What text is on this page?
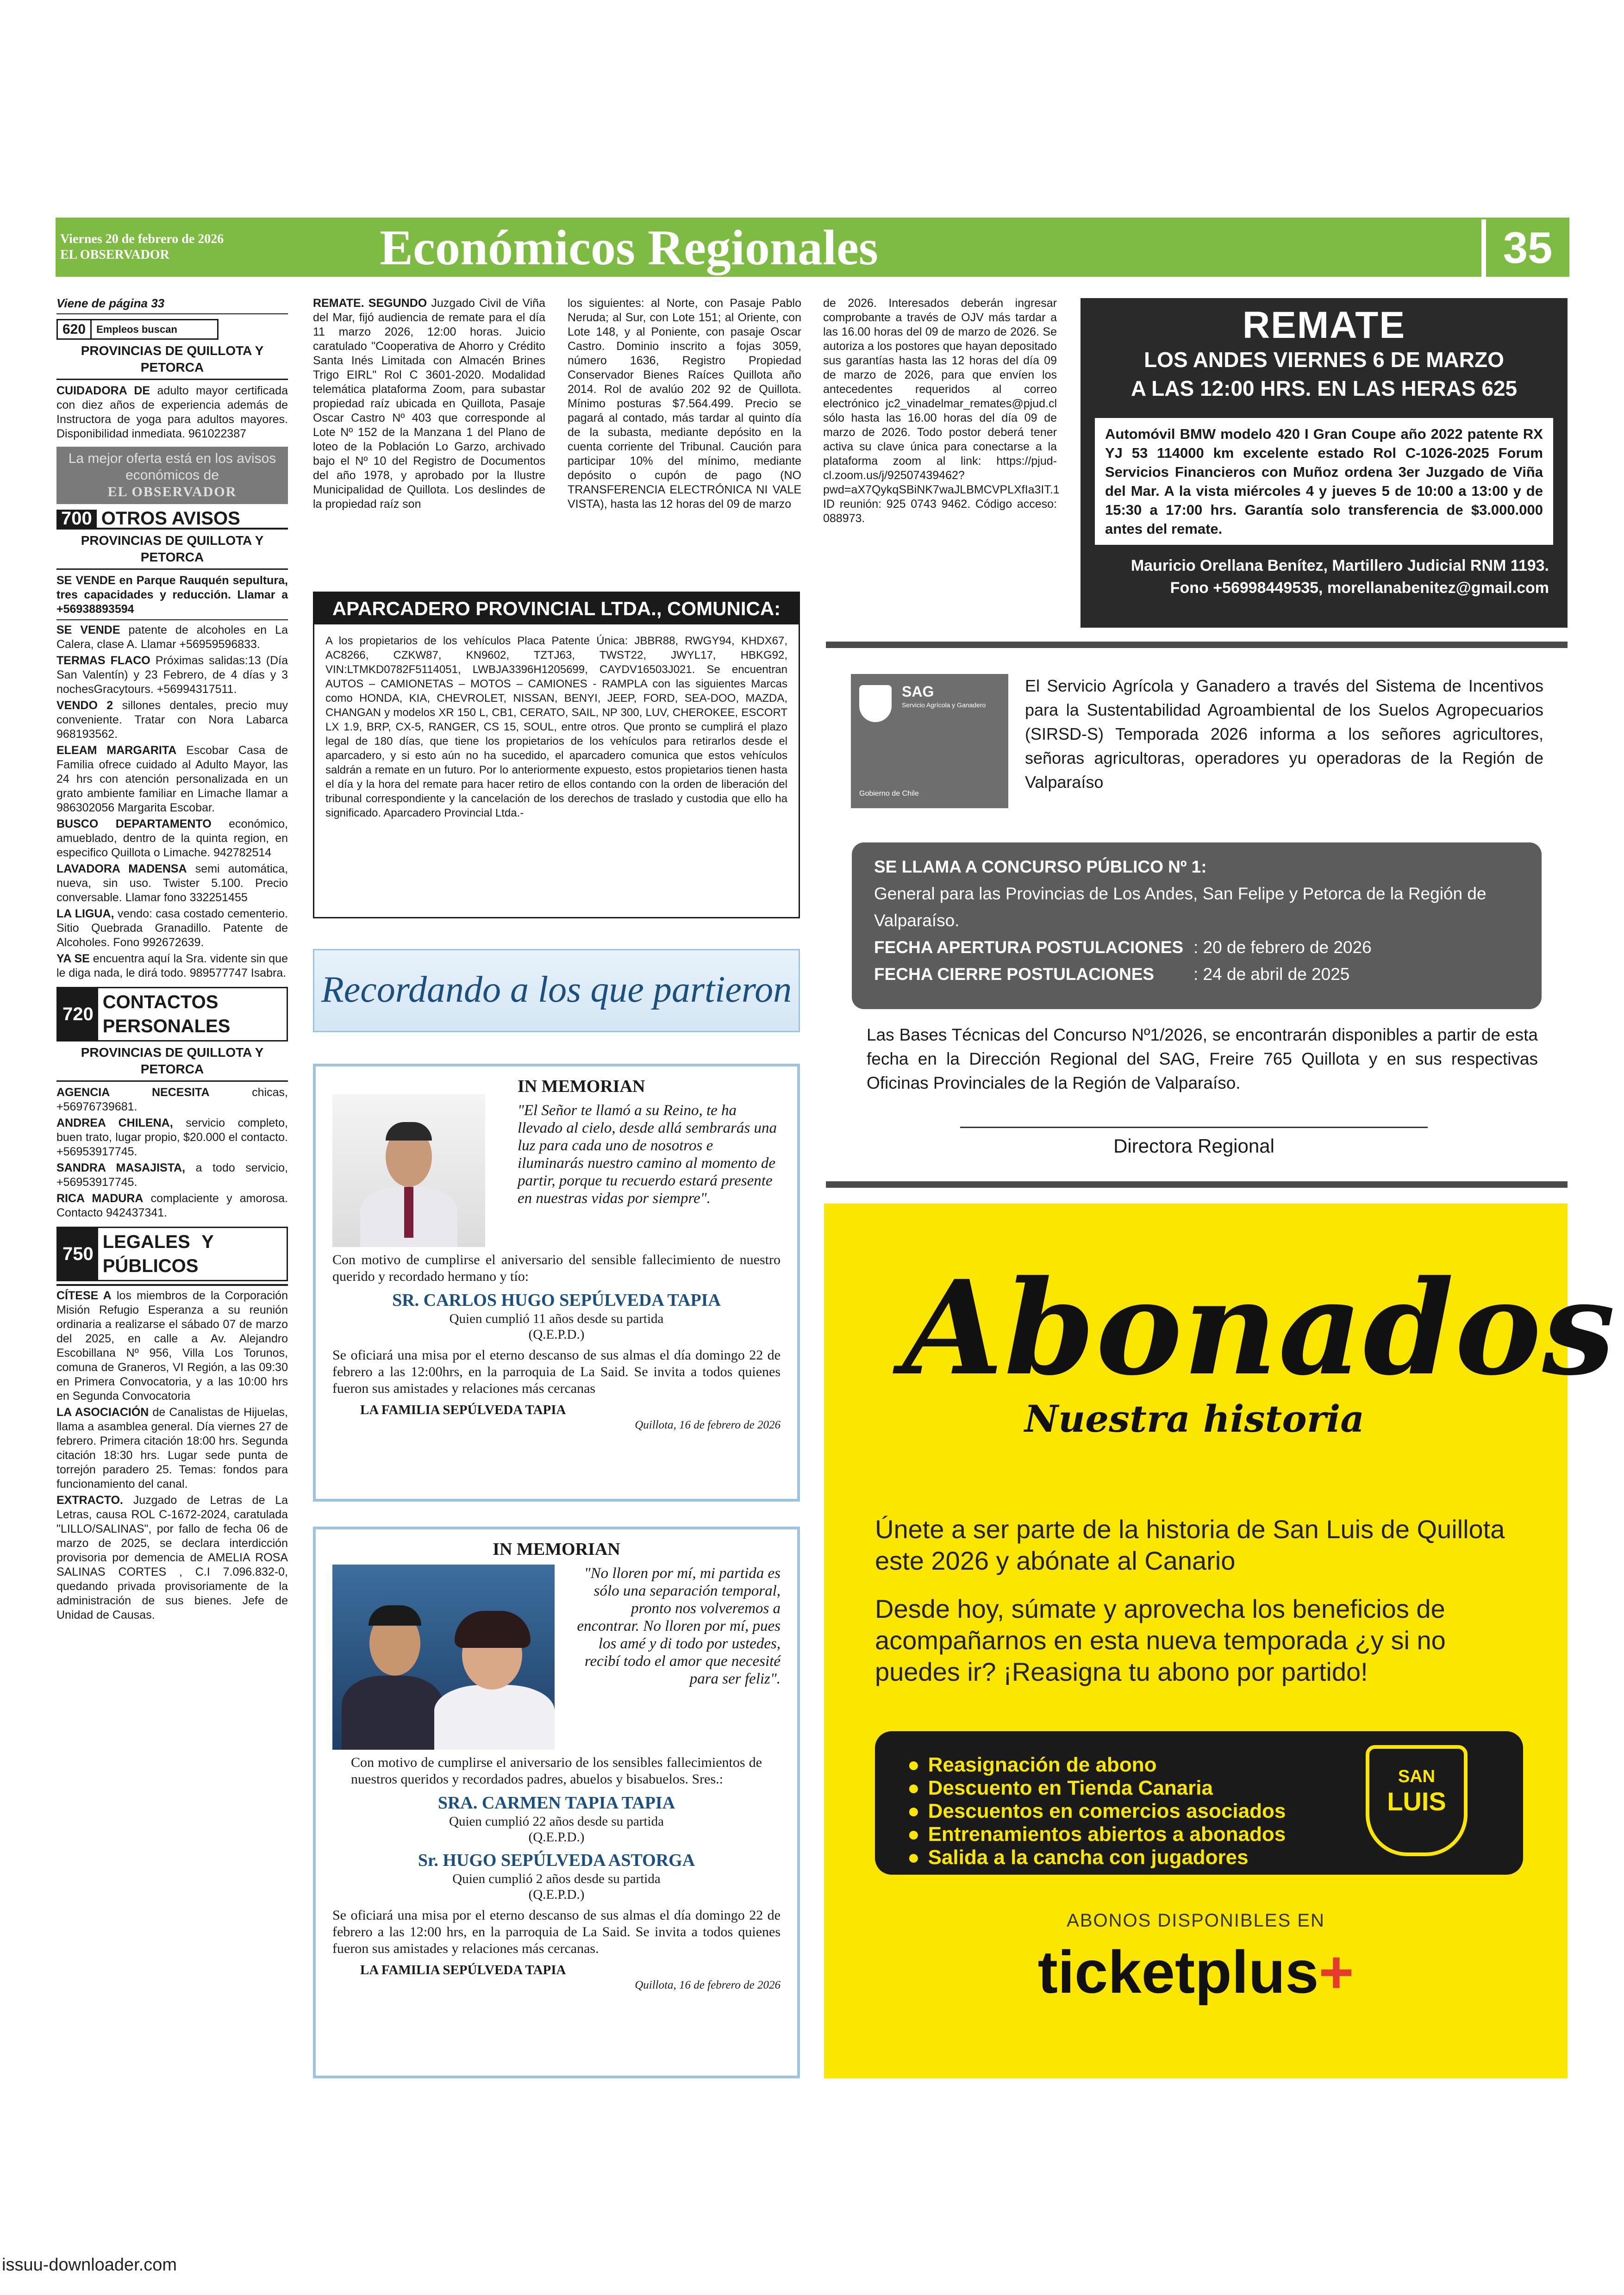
Viernes 20 de febrero de 2026
EL OBSERVADOR	Económicos Regionales	35
Viene de página 33
620	Empleos buscan
PROVINCIAS DE QUILLOTA Y PETORCA

CUIDADORA DE adulto mayor certificada con diez años de experiencia además de Instructora de yoga para adultos mayores. Disponibilidad inmediata. 961022387

La mejor oferta está en los avisos económicos de
EL OBSERVADOR
700 OTROS AVISOS
PROVINCIAS DE QUILLOTA Y PETORCA

SE VENDE en Parque Rauquén sepultura, tres capacidades y reducción. Llamar a +56938893594

SE VENDE patente de alcoholes en La Calera, clase A. Llamar +56959596833.

TERMAS FLACO Próximas salidas:13 (Día San Valentín) y 23 Febrero, de 4 días y 3 nochesGracytours. +56994317511.

VENDO 2 sillones dentales, precio muy conveniente. Tratar con Nora Labarca 968193562.

ELEAM MARGARITA Escobar Casa de Familia ofrece cuidado al Adulto Mayor, las 24 hrs con atención personalizada en un grato ambiente familiar en Limache llamar a 986302056 Margarita Escobar.

BUSCO DEPARTAMENTO económico, amueblado, dentro de la quinta region, en especifico Quillota o Limache. 942782514

LAVADORA MADENSA semi automática, nueva, sin uso. Twister 5.100. Precio conversable. Llamar fono 332251455

LA LIGUA, vendo: casa costado cementerio. Sitio Quebrada Granadillo. Patente de Alcoholes. Fono 992672639.

YA SE encuentra aquí la Sra. vidente sin que le diga nada, le dirá todo. 989577747 Isabra.

720
CONTACTOS PERSONALES
PROVINCIAS DE QUILLOTA Y PETORCA

AGENCIA NECESITA chicas, +56976739681.

ANDREA CHILENA, servicio completo, buen trato, lugar propio, $20.000 el contacto. +56953917745.

SANDRA MASAJISTA, a todo servicio, +56953917745.

RICA MADURA complaciente y amorosa. Contacto 942437341.

750
LEGALES Y PÚBLICOS

CÍTESE A los miembros de la Corporación Misión Refugio Esperanza a su reunión ordinaria a realizarse el sábado 07 de marzo del 2025, en calle a Av. Alejandro Escobillana Nº 956, Villa Los Torunos, comuna de Graneros, VI Región, a las 09:30 en Primera Convocatoria, y a las 10:00 hrs en Segunda Convocatoria

LA ASOCIACIÓN de Canalistas de Hijuelas, llama a asamblea general. Día viernes 27 de febrero. Primera citación 18:00 hrs. Segunda citación 18:30 hrs. Lugar sede punta de torrejón paradero 25. Temas: fondos para funcionamiento del canal.

EXTRACTO. Juzgado de Letras de La Letras, causa ROL C-1672-2024, caratulada "LILLO/SALINAS", por fallo de fecha 06 de marzo de 2025, se declara interdicción provisoria por demencia de AMELIA ROSA SALINAS CORTES , C.I 7.096.832-0, quedando privada provisoriamente de la administración de sus bienes. Jefe de Unidad de Causas.

REMATE. SEGUNDO Juzgado Civil de Viña del Mar, fijó audiencia de remate para el día 11 marzo 2026, 12:00 horas. Juicio caratulado "Cooperativa de Ahorro y Crédito Santa Inés Limitada con Almacén Brines Trigo EIRL" Rol C 3601-2020. Modalidad telemática plataforma Zoom, para subastar propiedad raíz ubicada en Quillota, Pasaje Oscar Castro Nº 403 que corresponde al Lote Nº 152 de la Manzana 1 del Plano de loteo de la Población Lo Garzo, archivado bajo el Nº 10 del Registro de Documentos del año 1978, y aprobado por la Ilustre Municipalidad de Quillota. Los deslindes de la propiedad raíz son

los siguientes: al Norte, con Pasaje Pablo Neruda; al Sur, con Lote 151; al Oriente, con Lote 148, y al Poniente, con pasaje Oscar Castro. Dominio inscrito a fojas 3059, número 1636, Registro Propiedad Conservador Bienes Raíces Quillota año 2014. Rol de avalúo 202 92 de Quillota. Mínimo posturas $7.564.499. Precio se pagará al contado, más tardar al quinto día de la subasta, mediante depósito en la cuenta corriente del Tribunal. Caución para participar 10% del mínimo, mediante depósito o cupón de pago (NO TRANSFERENCIA ELECTRÓNICA NI VALE VISTA), hasta las 12 horas del 09 de marzo

de 2026. Interesados deberán ingresar comprobante a través de OJV más tardar a las 16.00 horas del 09 de marzo de 2026. Se autoriza a los postores que hayan depositado sus garantías hasta las 12 horas del día 09 de marzo de 2026, para que envíen los antecedentes requeridos al correo electrónico jc2_vinadelmar_remates@pjud.cl sólo hasta las 16.00 horas del día 09 de marzo de 2026. Todo postor deberá tener activa su clave única para conectarse a la plataforma zoom al link: https://pjud-cl.zoom.us/j/92507439462?pwd=aX7QykqSBiNK7waJLBMCVPLXfIa3IT.1 ID reunión: 925 0743 9462. Código acceso: 088973.

APARCADERO PROVINCIAL LTDA., COMUNICA:
A los propietarios de los vehículos Placa Patente Única: JBBR88, RWGY94, KHDX67, AC8266, CZKW87, KN9602, TZTJ63, TWST22, JWYL17, HBKG92, VIN:LTMKD0782F5114051, LWBJA3396H1205699, CAYDV16503J021. Se encuentran AUTOS – CAMIONETAS – MOTOS – CAMIONES - RAMPLA con las siguientes Marcas como HONDA, KIA, CHEVROLET, NISSAN, BENYI, JEEP, FORD, SEA-DOO, MAZDA, CHANGAN y modelos XR 150 L, CB1, CERATO, SAIL, NP 300, LUV, CHEROKEE, ESCORT LX 1.9, BRP, CX-5, RANGER, CS 15, SOUL, entre otros. Que pronto se cumplirá el plazo legal de 180 días, que tiene los propietarios de los vehículos para retirarlos desde el aparcadero, y si esto aún no ha sucedido, el aparcadero comunica que estos vehículos saldrán a remate en un futuro. Por lo anteriormente expuesto, estos propietarios tienen hasta el día y la hora del remate para hacer retiro de ellos contando con la orden de liberación del tribunal correspondiente y la cancelación de los derechos de traslado y custodia que ello ha significado. Aparcadero Provincial Ltda.-
Recordando a los que partieron
IN MEMORIAN
"El Señor te llamó a su Reino, te ha llevado al cielo, desde allá sembrarás una luz para cada uno de nosotros e iluminarás nuestro camino al momento de partir, porque tu recuerdo estará presente en nuestras vidas por siempre".
Con motivo de cumplirse el aniversario del sensible fallecimiento de nuestro querido y recordado hermano y tío:
SR. CARLOS HUGO SEPÚLVEDA TAPIA
Quien cumplió 11 años desde su partida
(Q.E.P.D.)
Se oficiará una misa por el eterno descanso de sus almas el día domingo 22 de febrero a las 12:00hrs, en la parroquia de La Said. Se invita a todos quienes fueron sus amistades y relaciones más cercanas
LA FAMILIA SEPÚLVEDA TAPIA
Quillota, 16 de febrero de 2026
IN MEMORIAN
"No lloren por mí, mi partida es sólo una separación temporal, pronto nos volveremos a encontrar. No lloren por mí, pues los amé y di todo por ustedes, recibí todo el amor que necesité para ser feliz".
Con motivo de cumplirse el aniversario de los sensibles fallecimientos de nuestros queridos y recordados padres, abuelos y bisabuelos. Sres.:
SRA. CARMEN TAPIA TAPIA
Quien cumplió 22 años desde su partida
(Q.E.P.D.)
Sr. HUGO SEPÚLVEDA ASTORGA
Quien cumplió 2 años desde su partida
(Q.E.P.D.)
Se oficiará una misa por el eterno descanso de sus almas el día domingo 22 de febrero a las 12:00 hrs, en la parroquia de La Said. Se invita a todos quienes fueron sus amistades y relaciones más cercanas.
LA FAMILIA SEPÚLVEDA TAPIA
Quillota, 16 de febrero de 2026
REMATE
LOS ANDES VIERNES 6 DE MARZO
A LAS 12:00 HRS. EN LAS HERAS 625
Automóvil BMW modelo 420 I Gran Coupe año 2022 patente RX YJ 53 114000 km excelente estado Rol C-1026-2025 Forum Servicios Financieros con Muñoz ordena 3er Juzgado de Viña del Mar. A la vista miércoles 4 y jueves 5 de 10:00 a 13:00 y de 15:30 a 17:00 hrs. Garantía solo transferencia de $3.000.000 antes del remate.
Mauricio Orellana Benítez, Martillero Judicial RNM 1193.
Fono +56998449535, morellanabenitez@gmail.com
SAG
Servicio Agrícola y Ganadero
Gobierno de Chile
El Servicio Agrícola y Ganadero a través del Sistema de Incentivos para la Sustentabilidad Agroambiental de los Suelos Agropecuarios (SIRSD-S) Temporada 2026 informa a los señores agricultores, señoras agricultoras, operadores yu operadoras de la Región de Valparaíso
SE LLAMA A CONCURSO PÚBLICO Nº 1:
General para las Provincias de Los Andes, San Felipe y Petorca de la Región de Valparaíso.
FECHA APERTURA POSTULACIONES : 20 de febrero de 2026
FECHA CIERRE POSTULACIONES	: 24 de abril de 2025
Las Bases Técnicas del Concurso Nº1/2026, se encontrarán disponibles a partir de esta fecha en la Dirección Regional del SAG, Freire 765 Quillota y en sus respectivas Oficinas Provinciales de la Región de Valparaíso.
Directora Regional
Abonados
Nuestra historia
Únete a ser parte de la historia de San Luis de Quillota este 2026 y abónate al Canario
Desde hoy, súmate y aprovecha los beneficios de acompañarnos en esta nueva temporada ¿y si no puedes ir? ¡Reasigna tu abono por partido!
● Reasignación de abono
● Descuento en Tienda Canaria
● Descuentos en comercios asociados
● Entrenamientos abiertos a abonados
● Salida a la cancha con jugadores
SAN
LUIS
ABONOS DISPONIBLES EN
ticketplus+
issuu-downloader.com
